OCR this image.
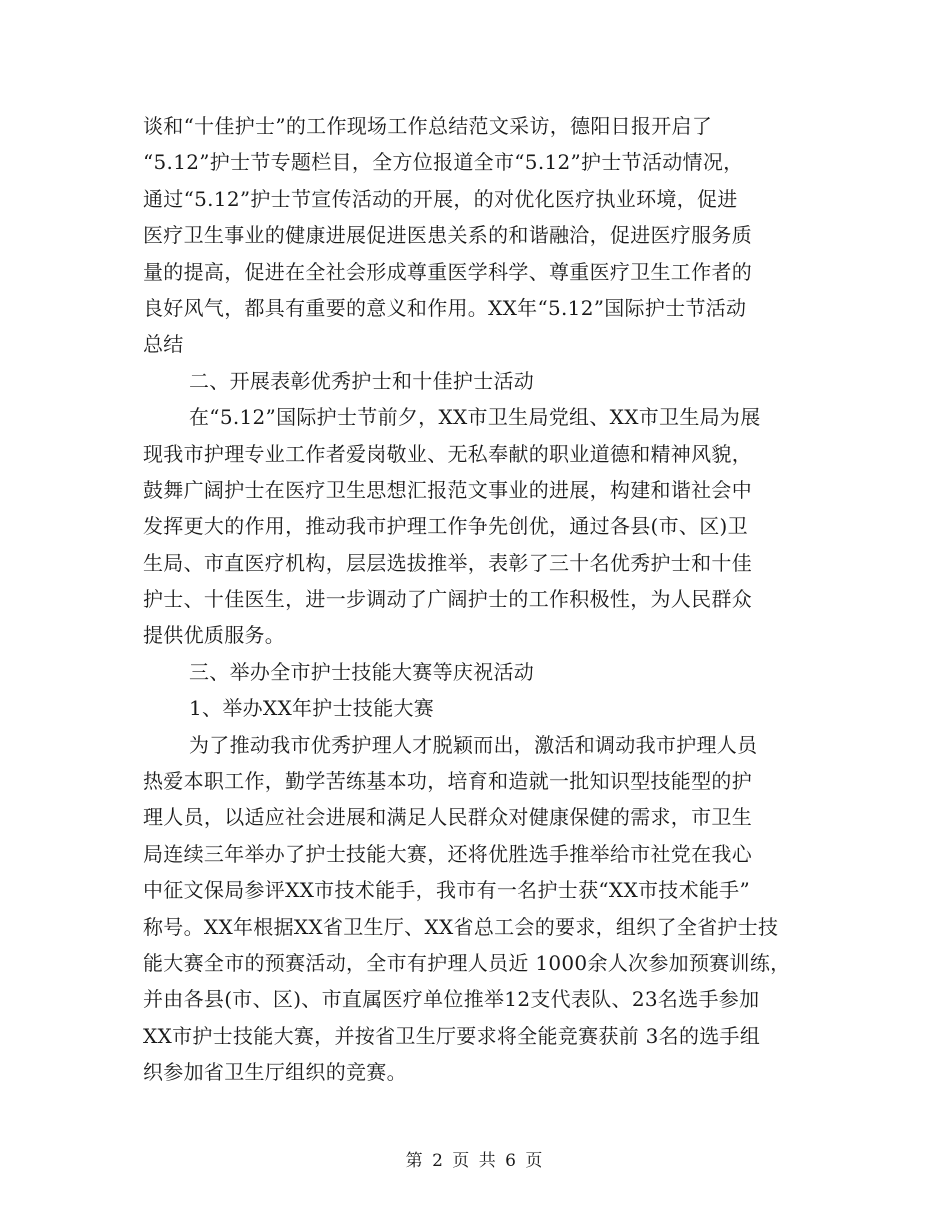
谈和“十佳护士”的工作现场工作总结范文采访，德阳日报开启了
“5.12”护士节专题栏目，全方位报道全市“5.12”护士节活动情况，
通过“5.12”护士节宣传活动的开展，的对优化医疗执业环境，促进
医疗卫生事业的健康进展促进医患关系的和谐融洽，促进医疗服务质
量的提高，促进在全社会形成尊重医学科学、尊重医疗卫生工作者的
良好风气，都具有重要的意义和作用。XX年“5.12”国际护士节活动
总结
二、开展表彰优秀护士和十佳护士活动
在“5.12”国际护士节前夕，XX市卫生局党组、XX市卫生局为展
现我市护理专业工作者爱岗敬业、无私奉献的职业道德和精神风貌，
鼓舞广阔护士在医疗卫生思想汇报范文事业的进展，构建和谐社会中
发挥更大的作用，推动我市护理工作争先创优，通过各县(市、区)卫
生局、市直医疗机构，层层选拔推举，表彰了三十名优秀护士和十佳
护士、十佳医生，进一步调动了广阔护士的工作积极性，为人民群众
提供优质服务。
三、举办全市护士技能大赛等庆祝活动
1、举办XX年护士技能大赛
为了推动我市优秀护理人才脱颖而出，激活和调动我市护理人员
热爱本职工作，勤学苦练基本功，培育和造就一批知识型技能型的护
理人员，以适应社会进展和满足人民群众对健康保健的需求，市卫生
局连续三年举办了护士技能大赛，还将优胜选手推举给市社党在我心
中征文保局参评XX市技术能手，我市有一名护士获“XX市技术能手”
称号。XX年根据XX省卫生厅、XX省总工会的要求，组织了全省护士技
能大赛全市的预赛活动，全市有护理人员近 1000余人次参加预赛训练，
并由各县(市、区)、市直属医疗单位推举12支代表队、23名选手参加
XX市护士技能大赛，并按省卫生厅要求将全能竞赛获前 3名的选手组
织参加省卫生厅组织的竞赛。
第 2 页 共 6 页
